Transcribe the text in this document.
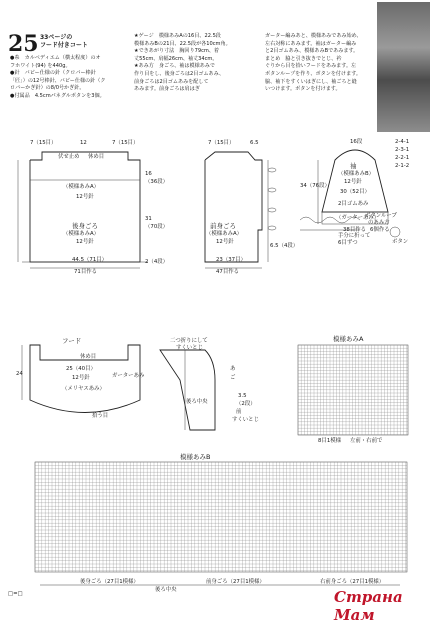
25 33ページの
フード付きコート
●糸　カルペディエム（横太程度）のオ
フホワイト(94) を440g。
●針　バビー仕様の針（クロバー棒針
「匠」）の12号棒針、バビー仕様の針（ク
ロバーかぎ針）の8/0号かぎ針。
●付属品　4.5cmパネグルボタンを3個。
★ゲージ　模様あみAの16目、22.5段
模様あみBの21目、22.5段が各10cm角。
★できあがり寸法　胸回り79cm、着
丈55cm、肩幅26cm、袖丈34cm。
★あみ方　身ごろ、袖は模様あみで
作り目をし、後身ごろは2目ゴムあみ、
前身ごろは2目ゴムあみを配して
あみます。前身ごろは肩はぎ
ガーター編みあと、模様あみであみ始め、
左右対称にあみます。袖はガーター編み
と2目ゴムあみ、模様あみBであみます。
まとめ　脇と引き抜きでとじ、衿
ぐりから目を拾いフードをあみます。左
ボタンループを作り、ボタンを付けます。
脇、袖下をすくいはぎにし、袖ごろと縫
いつけます。ボタンを付けます。
7（15目）	12	7（15目）
伏せ止め 休め目
後身ごろ
（模様あみA）
12号針
（模様あみA）
12号針
44.5（71目）
71目作る
16
（36段）
31
（70段）
2（4段）
7（15目）	6.5
前身ごろ
（模様あみA）
12号針
23（37目）
47目作る
6.5（4段）
16段	2-4-1
2-3-1
2-2-1
2-1-2
袖
（模様あみB）
12号針
30（52目）
2目ゴムあみ
（ガーターあみ）
38目作る
34（76段）
ボタンループ
のあみ方
6個作る
手分に折って
6目ずつ	ボタン
フード
休め目
25（40目）
12号針
（メリヤスあみ）
24	ガーターあみ
二つ折りにして
すくいとじ
後ろ中央
拾う目
あ
ご
3.5
（2段）
前
すくいとじ
模様あみA
8目1模様 左前・右前で
模様あみB
後身ごろ（27目1模様）	前身ごろ（27目1模様）	右前身ごろ（27目1模様）
後ろ中央
□=□	Страна Мам
